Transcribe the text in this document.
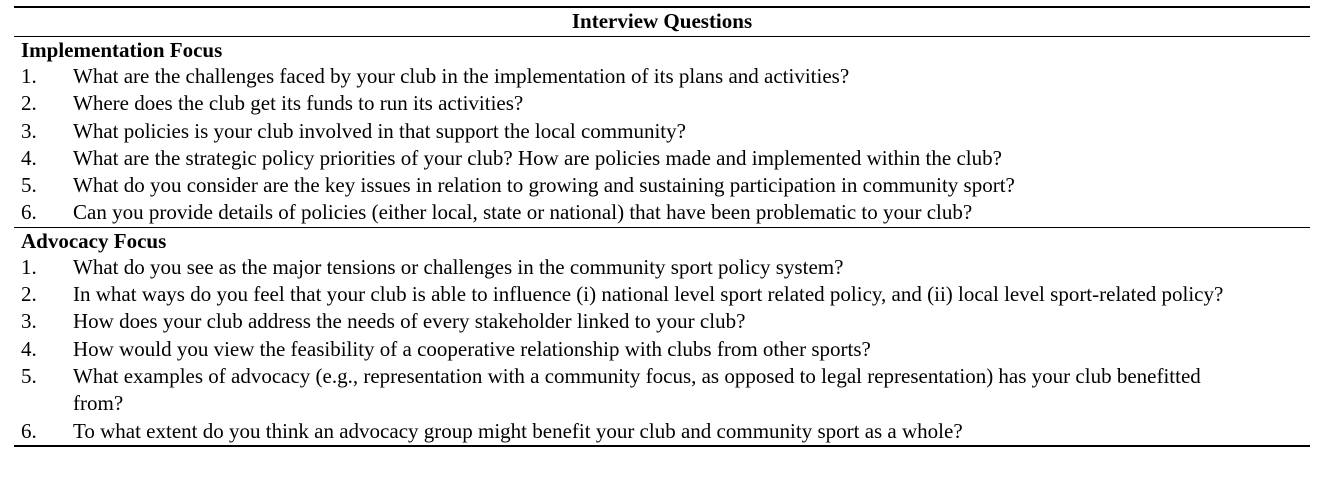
Interview Questions
Implementation Focus
1.	What are the challenges faced by your club in the implementation of its plans and activities?
2.	Where does the club get its funds to run its activities?
3.	What policies is your club involved in that support the local community?
4.	What are the strategic policy priorities of your club? How are policies made and implemented within the club?
5.	What do you consider are the key issues in relation to growing and sustaining participation in community sport?
6.	Can you provide details of policies (either local, state or national) that have been problematic to your club?
Advocacy Focus
1.	What do you see as the major tensions or challenges in the community sport policy system?
2.	In what ways do you feel that your club is able to influence (i) national level sport related policy, and (ii) local level sport-related policy?
3.	How does your club address the needs of every stakeholder linked to your club?
4.	How would you view the feasibility of a cooperative relationship with clubs from other sports?
5.	What examples of advocacy (e.g., representation with a community focus, as opposed to legal representation) has your club benefitted from?
6.	To what extent do you think an advocacy group might benefit your club and community sport as a whole?
